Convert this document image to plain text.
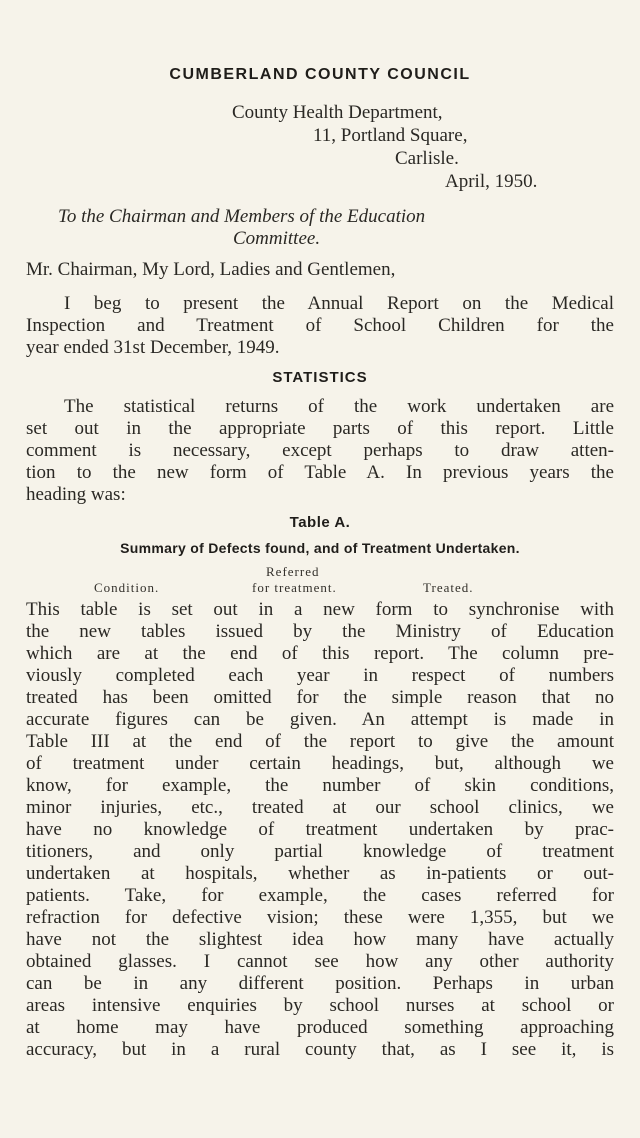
CUMBERLAND COUNTY COUNCIL
County Health Department,
11, Portland Square,
Carlisle.
April, 1950.
To the Chairman and Members of the Education
Committee.
Mr. Chairman, My Lord, Ladies and Gentlemen,

I beg to present the Annual Report on the Medical

Inspection and Treatment of School Children for the

year ended 31st December, 1949.

STATISTICS

The statistical returns of the work undertaken are

set out in the appropriate parts of this report. Little

comment is necessary, except perhaps to draw atten-

tion to the new form of Table A. In previous years the

heading was:

Table A.
Summary of Defects found, and of Treatment Undertaken.
Referred
Condition.	for treatment.	Treated.

This table is set out in a new form to synchronise with

the new tables issued by the Ministry of Education

which are at the end of this report. The column pre-

viously completed each year in respect of numbers

treated has been omitted for the simple reason that no

accurate figures can be given. An attempt is made in

Table III at the end of the report to give the amount

of treatment under certain headings, but, although we

know, for example, the number of skin conditions,

minor injuries, etc., treated at our school clinics, we

have no knowledge of treatment undertaken by prac-

titioners, and only partial knowledge of treatment

undertaken at hospitals, whether as in-patients or out-

patients. Take, for example, the cases referred for

refraction for defective vision; these were 1,355, but we

have not the slightest idea how many have actually

obtained glasses. I cannot see how any other authority

can be in any different position. Perhaps in urban

areas intensive enquiries by school nurses at school or

at home may have produced something approaching

accuracy, but in a rural county that, as I see it, is
